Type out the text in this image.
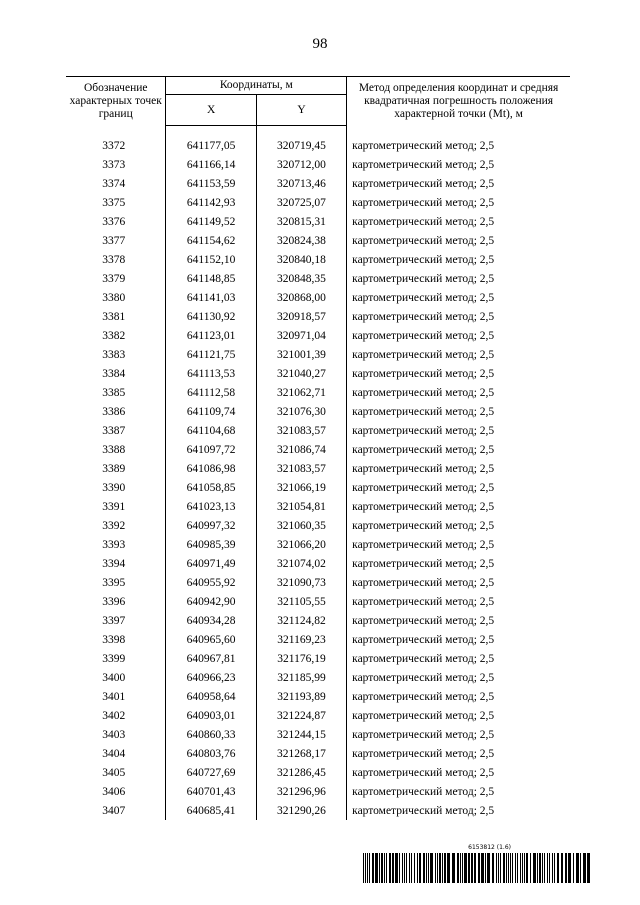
98
Обозначение характерных точек границ	Координаты, м		Метод определения координат и средняя квадратичная погрешность положения характерной точки (Mt), м
	X	Y	

3372	641177,05	320719,45	картометрический метод; 2,5
3373	641166,14	320712,00	картометрический метод; 2,5
3374	641153,59	320713,46	картометрический метод; 2,5
3375	641142,93	320725,07	картометрический метод; 2,5
3376	641149,52	320815,31	картометрический метод; 2,5
3377	641154,62	320824,38	картометрический метод; 2,5
3378	641152,10	320840,18	картометрический метод; 2,5
3379	641148,85	320848,35	картометрический метод; 2,5
3380	641141,03	320868,00	картометрический метод; 2,5
3381	641130,92	320918,57	картометрический метод; 2,5
3382	641123,01	320971,04	картометрический метод; 2,5
3383	641121,75	321001,39	картометрический метод; 2,5
3384	641113,53	321040,27	картометрический метод; 2,5
3385	641112,58	321062,71	картометрический метод; 2,5
3386	641109,74	321076,30	картометрический метод; 2,5
3387	641104,68	321083,57	картометрический метод; 2,5
3388	641097,72	321086,74	картометрический метод; 2,5
3389	641086,98	321083,57	картометрический метод; 2,5
3390	641058,85	321066,19	картометрический метод; 2,5
3391	641023,13	321054,81	картометрический метод; 2,5
3392	640997,32	321060,35	картометрический метод; 2,5
3393	640985,39	321066,20	картометрический метод; 2,5
3394	640971,49	321074,02	картометрический метод; 2,5
3395	640955,92	321090,73	картометрический метод; 2,5
3396	640942,90	321105,55	картометрический метод; 2,5
3397	640934,28	321124,82	картометрический метод; 2,5
3398	640965,60	321169,23	картометрический метод; 2,5
3399	640967,81	321176,19	картометрический метод; 2,5
3400	640966,23	321185,99	картометрический метод; 2,5
3401	640958,64	321193,89	картометрический метод; 2,5
3402	640903,01	321224,87	картометрический метод; 2,5
3403	640860,33	321244,15	картометрический метод; 2,5
3404	640803,76	321268,17	картометрический метод; 2,5
3405	640727,69	321286,45	картометрический метод; 2,5
3406	640701,43	321296,96	картометрический метод; 2,5
3407	640685,41	321290,26	картометрический метод; 2,5
6153812 (1.6)
